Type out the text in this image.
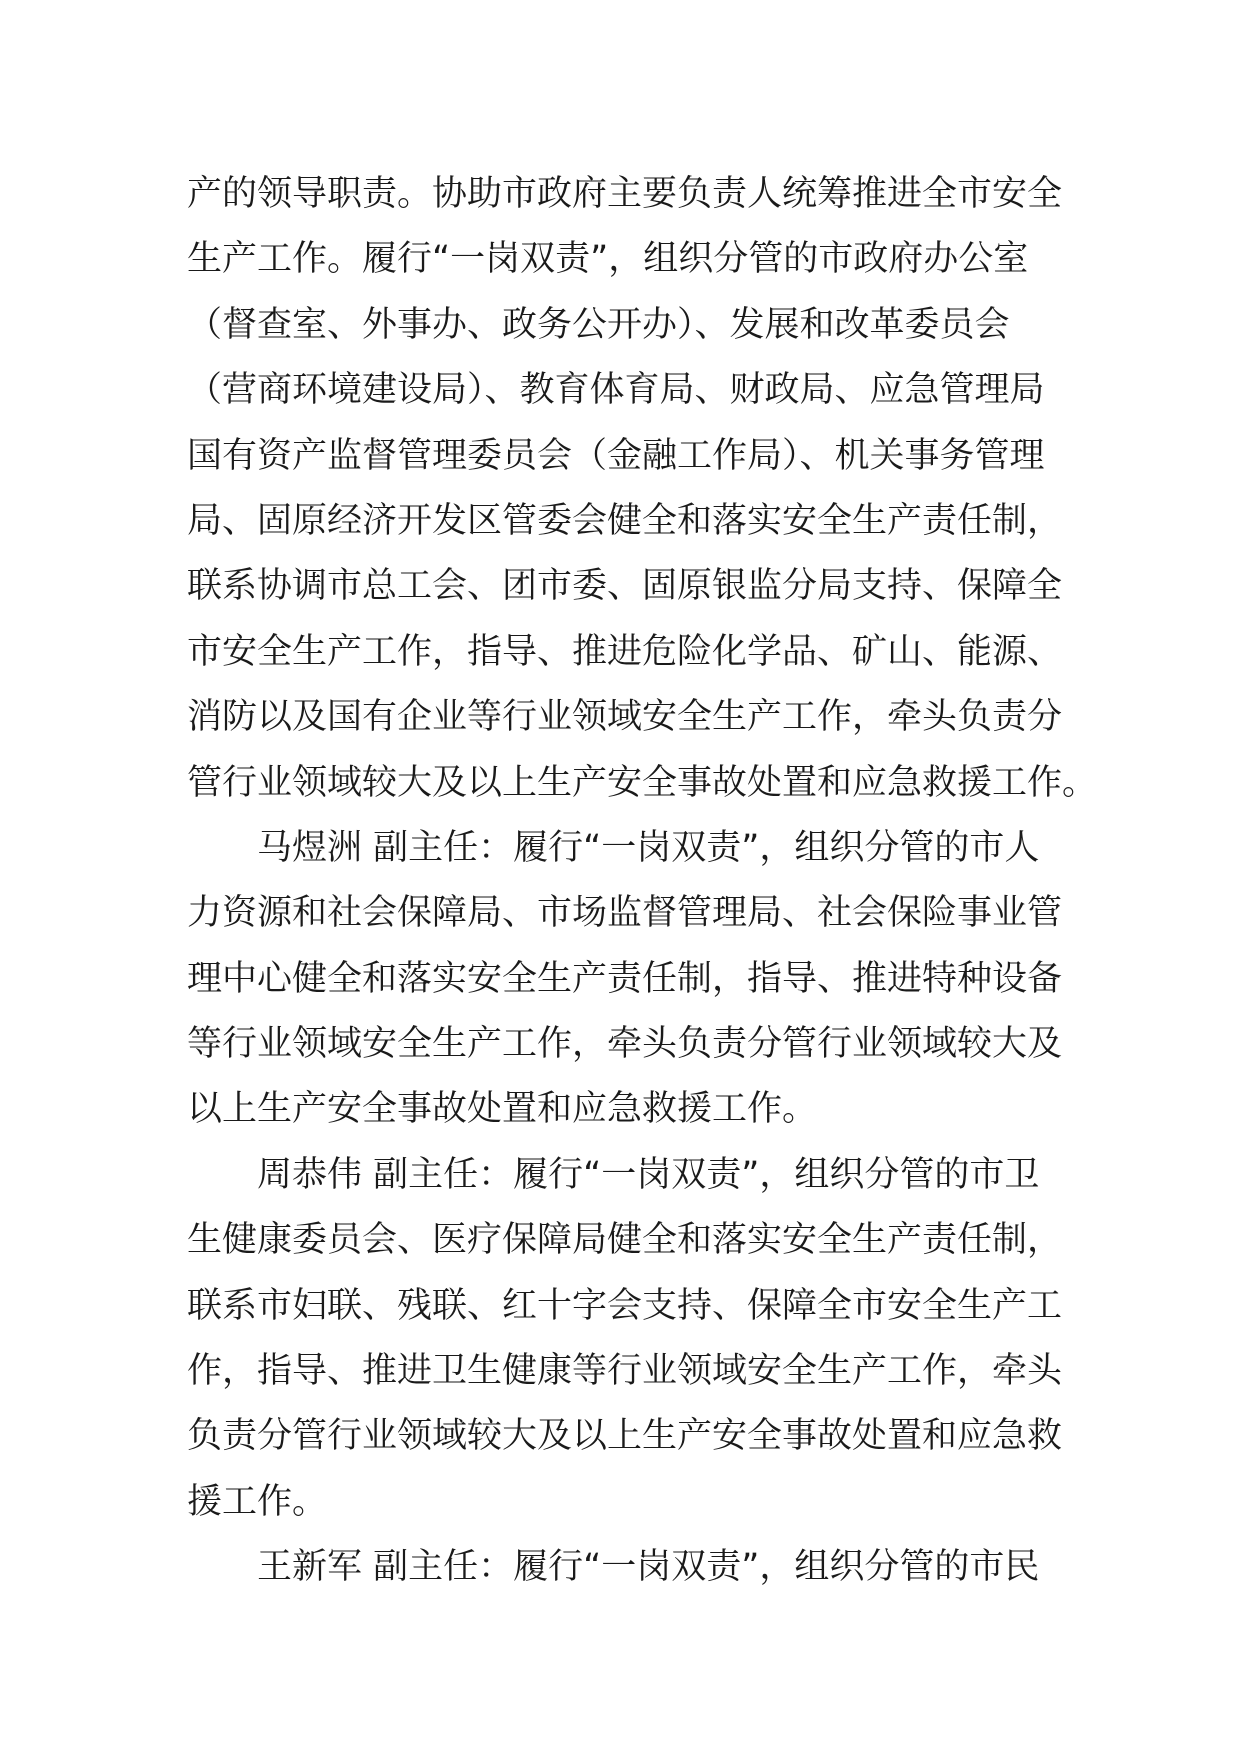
产的领导职责。协助市政府主要负责人统筹推进全市安全
生产工作。履行“一岗双责”，组织分管的市政府办公室
（督查室、外事办、政务公开办）、发展和改革委员会
（营商环境建设局）、教育体育局、财政局、应急管理局
国有资产监督管理委员会（金融工作局）、机关事务管理
局、固原经济开发区管委会健全和落实安全生产责任制，
联系协调市总工会、团市委、固原银监分局支持、保障全
市安全生产工作，指导、推进危险化学品、矿山、能源、
消防以及国有企业等行业领域安全生产工作，牵头负责分
管行业领域较大及以上生产安全事故处置和应急救援工作。
　　马煜洲 副主任：履行“一岗双责”，组织分管的市人
力资源和社会保障局、市场监督管理局、社会保险事业管
理中心健全和落实安全生产责任制，指导、推进特种设备
等行业领域安全生产工作，牵头负责分管行业领域较大及
以上生产安全事故处置和应急救援工作。
　　周恭伟 副主任：履行“一岗双责”，组织分管的市卫
生健康委员会、医疗保障局健全和落实安全生产责任制，
联系市妇联、残联、红十字会支持、保障全市安全生产工
作，指导、推进卫生健康等行业领域安全生产工作，牵头
负责分管行业领域较大及以上生产安全事故处置和应急救
援工作。
　　王新军 副主任：履行“一岗双责”，组织分管的市民
